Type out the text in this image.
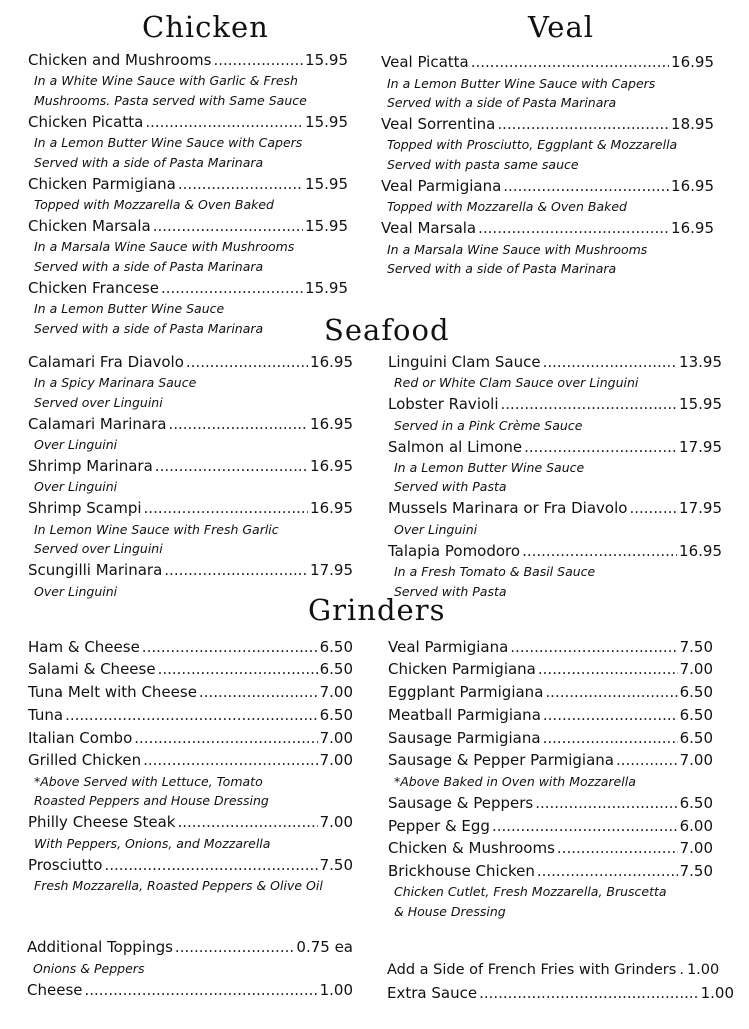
Chicken	Veal
Seafood
Grinders
Chicken and Mushrooms .....	15.95
In a White Wine Sauce with Garlic & Fresh
Mushrooms. Pasta served with Same Sauce
Chicken Picatta .....	15.95
In a Lemon Butter Wine Sauce with Capers
Served with a side of Pasta Marinara
Chicken Parmigiana .....	15.95
Topped with Mozzarella & Oven Baked
Chicken Marsala .....	15.95
In a Marsala Wine Sauce with Mushrooms
Served with a side of Pasta Marinara
Chicken Francese .....	15.95
In a Lemon Butter Wine Sauce
Served with a side of Pasta Marinara
Veal Picatta .....	16.95
In a Lemon Butter Wine Sauce with Capers
Served with a side of Pasta Marinara
Veal Sorrentina .....	18.95
Topped with Prosciutto, Eggplant & Mozzarella
Served with pasta same sauce
Veal Parmigiana .....	16.95
Topped with Mozzarella & Oven Baked
Veal Marsala .....	16.95
In a Marsala Wine Sauce with Mushrooms
Served with a side of Pasta Marinara
Calamari Fra Diavolo .....	16.95
In a Spicy Marinara Sauce
Served over Linguini
Calamari Marinara .....	16.95
Over Linguini
Shrimp Marinara .....	16.95
Over Linguini
Shrimp Scampi .....	16.95
In Lemon Wine Sauce with Fresh Garlic
Served over Linguini
Scungilli Marinara .....	17.95
Over Linguini
Linguini Clam Sauce .....	13.95
Red or White Clam Sauce over Linguini
Lobster Ravioli .....	15.95
Served in a Pink Crème Sauce
Salmon al Limone .....	17.95
In a Lemon Butter Wine Sauce
Served with Pasta
Mussels Marinara or Fra Diavolo .....	17.95
Over Linguini
Talapia Pomodoro .....	16.95
In a Fresh Tomato & Basil Sauce
Served with Pasta
Ham & Cheese .....	6.50
Salami & Cheese .....	6.50
Tuna Melt with Cheese .....	7.00
Tuna .....	6.50
Italian Combo .....	7.00
Grilled Chicken .....	7.00
*Above Served with Lettuce, Tomato
Roasted Peppers and House Dressing
Philly Cheese Steak .....	7.00
With Peppers, Onions, and Mozzarella
Prosciutto .....	7.50
Fresh Mozzarella, Roasted Peppers & Olive Oil
Veal Parmigiana .....	7.50
Chicken Parmigiana .....	7.00
Eggplant Parmigiana .....	6.50
Meatball Parmigiana .....	6.50
Sausage Parmigiana .....	6.50
Sausage & Pepper Parmigiana .....	7.00
*Above Baked in Oven with Mozzarella
Sausage & Peppers .....	6.50
Pepper & Egg .....	6.00
Chicken & Mushrooms .....	7.00
Brickhouse Chicken .....	7.50
Chicken Cutlet, Fresh Mozzarella, Bruscetta
& House Dressing
Additional Toppings .....	0.75 ea
Onions & Peppers
Cheese .....	1.00
Add a Side of French Fries with Grinders . 1.00
Extra Sauce .....	1.00
